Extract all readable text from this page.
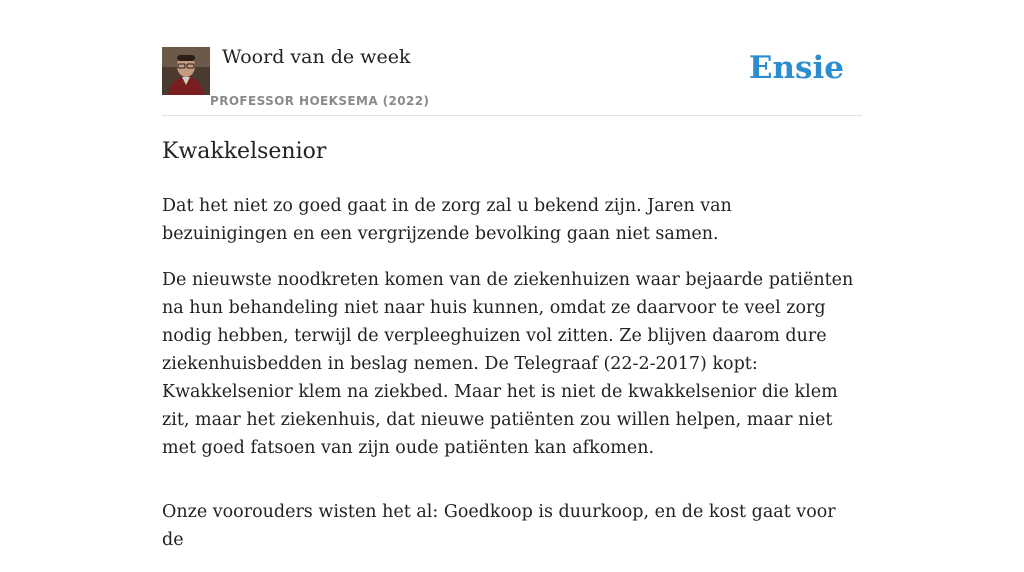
Woord van de week
PROFESSOR HOEKSEMA (2022)
Ensie
Kwakkelsenior

Dat het niet zo goed gaat in de zorg zal u bekend zijn. Jaren van bezuinigingen en een vergrijzende bevolking gaan niet samen.

De nieuwste noodkreten komen van de ziekenhuizen waar bejaarde patiënten na hun behandeling niet naar huis kunnen, omdat ze daarvoor te veel zorg nodig hebben, terwijl de verpleeghuizen vol zitten. Ze blijven daarom dure ziekenhuisbedden in beslag nemen. De Telegraaf (22-2-2017) kopt: Kwakkelsenior klem na ziekbed. Maar het is niet de kwakkelsenior die klem zit, maar het ziekenhuis, dat nieuwe patiënten zou willen helpen, maar niet met goed fatsoen van zijn oude patiënten kan afkomen.

Onze voorouders wisten het al: Goedkoop is duurkoop, en de kost gaat voor de
